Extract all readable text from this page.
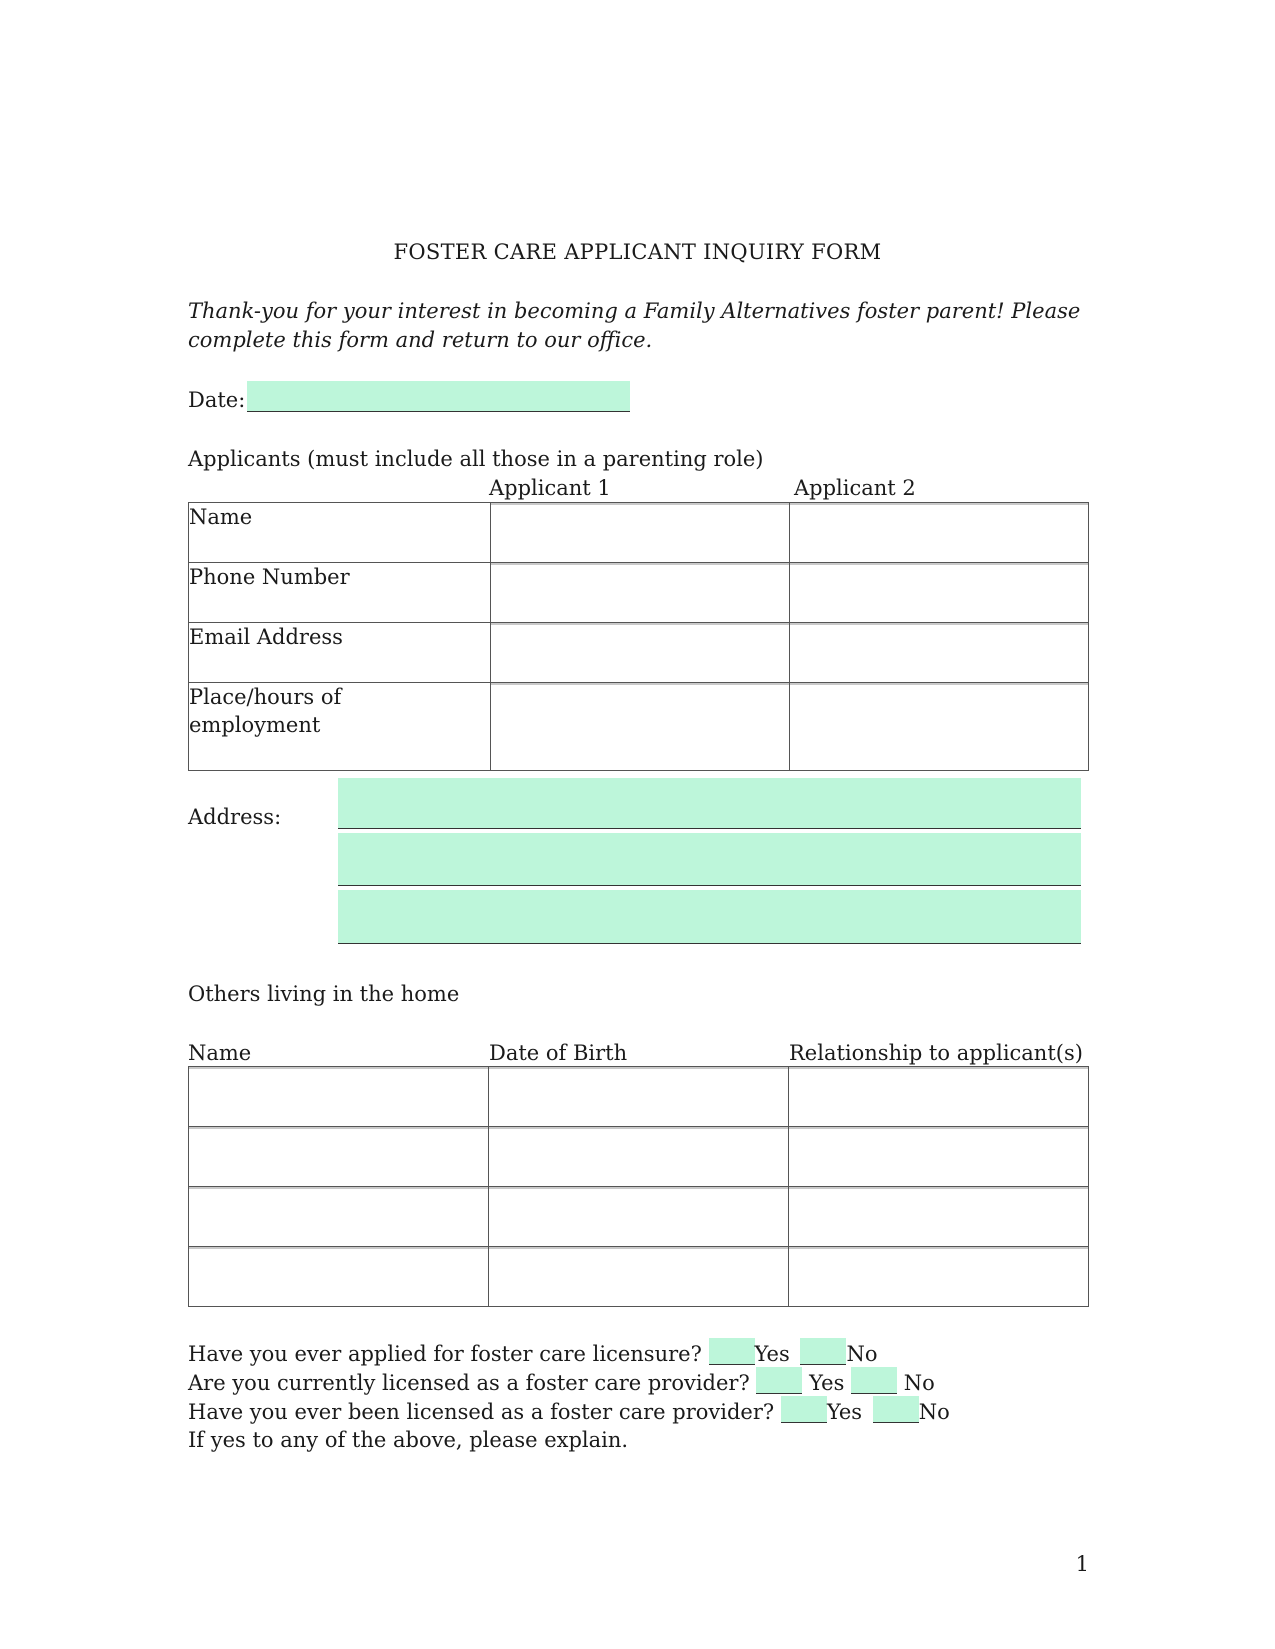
FOSTER CARE APPLICANT INQUIRY FORM
Thank-you for your interest in becoming a Family Alternatives foster parent! Please complete this form and return to our office.
Date:
Applicants (must include all those in a parenting role)
Applicant 1	Applicant 2
Name	

Phone Number	

Email Address	

Place/hours of employment		

Address:
Others living in the home
Name	Date of Birth	Relationship to applicant(s)

Have you ever applied for foster care licensure?	Yes	No
Are you currently licensed as a foster care provider?	Yes	No
Have you ever been licensed as a foster care provider?	Yes	No
If yes to any of the above, please explain.
1
